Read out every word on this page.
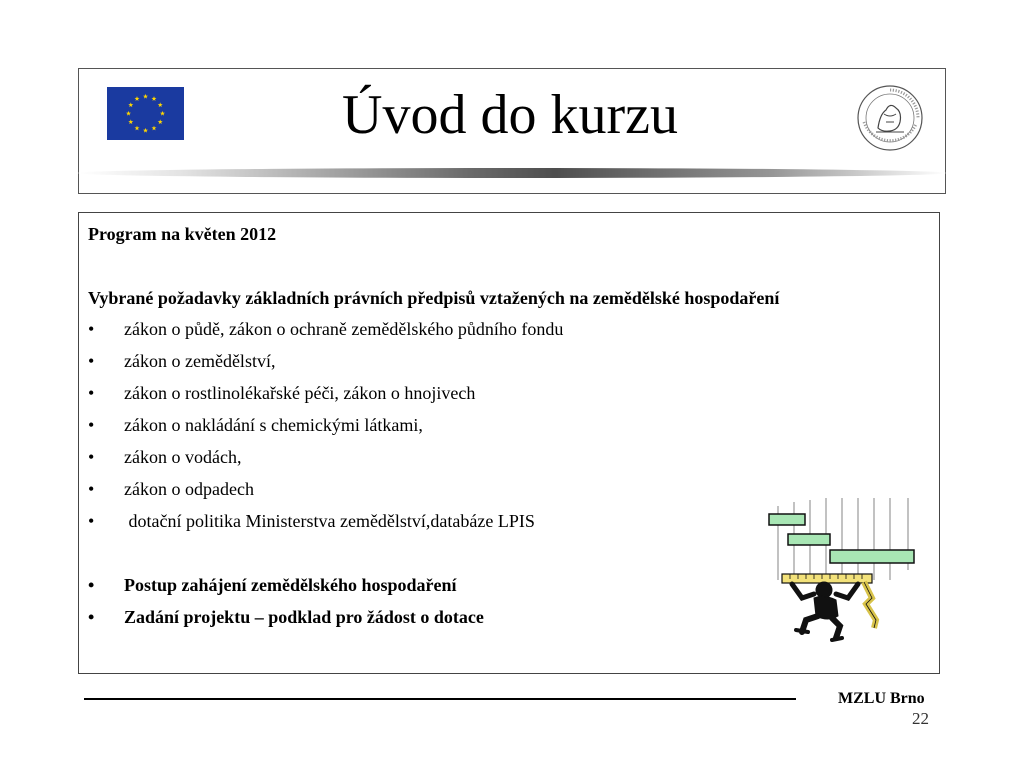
Úvod do kurzu

Program na květen 2012

Vybrané požadavky základních právních předpisů vztažených na zemědělské hospodaření

•	zákon o půdě, zákon o ochraně zemědělského půdního fondu
•	zákon o zemědělství,
•	zákon o rostlinolékařské péči, zákon o hnojivech
•	zákon o nakládání s chemickými látkami,
•	zákon o vodách,
•	zákon o odpadech
•	dotační politika Ministerstva zemědělství,databáze LPIS
•	Postup zahájení zemědělského hospodaření
•	Zadání projektu – podklad pro žádost o dotace
MZLU Brno
22
